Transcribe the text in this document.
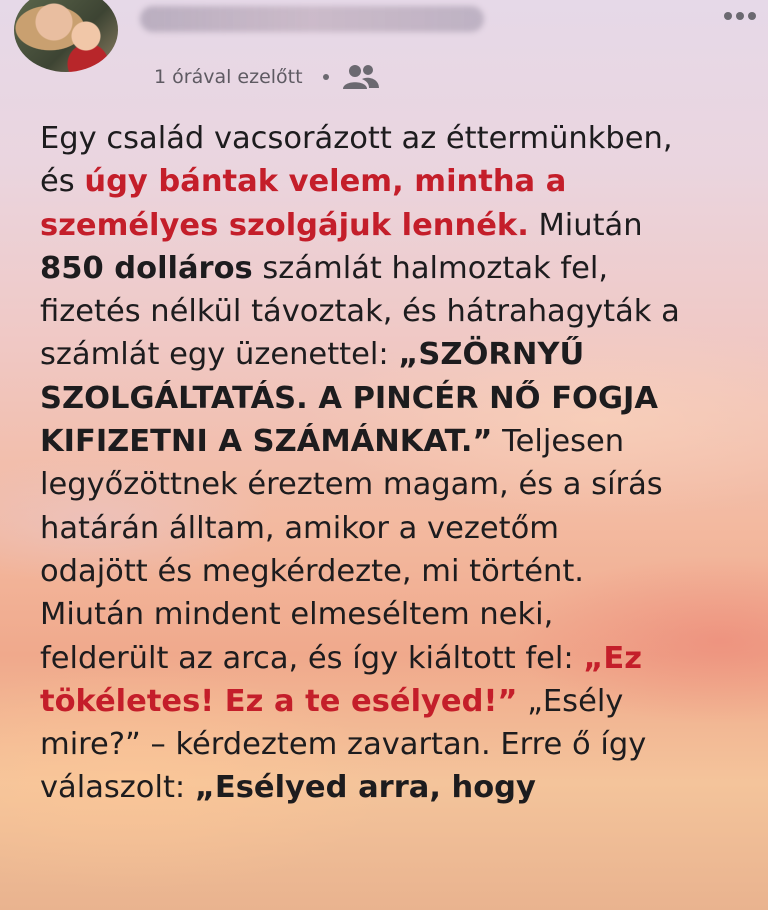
1 órával ezelőtt
Egy család vacsorázott az éttermünkben,
és úgy bántak velem, mintha a
személyes szolgájuk lennék. Miután
850 dolláros számlát halmoztak fel,
fizetés nélkül távoztak, és hátrahagyták a
számlát egy üzenettel: „SZÖRNYŰ
SZOLGÁLTATÁS. A PINCÉR NŐ FOGJA
KIFIZETNI A SZÁMÁNKAT.” Teljesen
legyőzöttnek éreztem magam, és a sírás
határán álltam, amikor a vezetőm
odajött és megkérdezte, mi történt.
Miután mindent elmeséltem neki,
felderült az arca, és így kiáltott fel: „Ez
tökéletes! Ez a te esélyed!” „Esély
mire?” – kérdeztem zavartan. Erre ő így
válaszolt: „Esélyed arra, hogy
